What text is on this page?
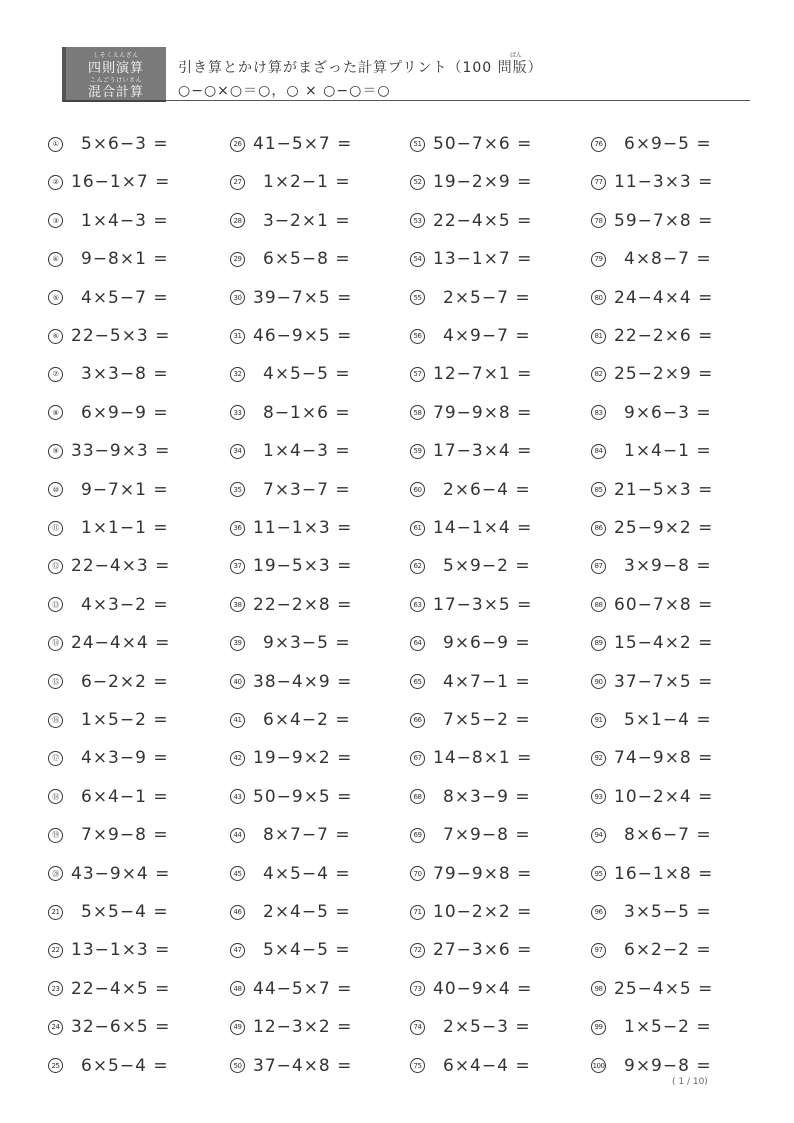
しそくえんざん
四則演算
こんごうけいさん
混合計算
ばん
引き算とかけ算がまざった計算プリント（100 問版）
○−○×○＝○，○ × ○−○＝○
①	5×6−3 =
② 16−1×7 =
③	1×4−3 =
④	9−8×1 =
⑤	4×5−7 =
⑥ 22−5×3 =
⑦	3×3−8 =
⑧	6×9−9 =
⑨ 33−9×3 =
⑩	9−7×1 =
⑪	1×1−1 =
⑫ 22−4×3 =
⑬	4×3−2 =
⑭ 24−4×4 =
⑮	6−2×2 =
⑯	1×5−2 =
⑰	4×3−9 =
⑱	6×4−1 =
⑲	7×9−8 =
⑳ 43−9×4 =
21	5×5−4 =
22 13−1×3 =
23 22−4×5 =
24 32−6×5 =
25	6×5−4 =
26 41−5×7 =
27	1×2−1 =
28	3−2×1 =
29	6×5−8 =
30 39−7×5 =
31 46−9×5 =
32	4×5−5 =
33	8−1×6 =
34	1×4−3 =
35	7×3−7 =
36 11−1×3 =
37 19−5×3 =
38 22−2×8 =
39	9×3−5 =
40 38−4×9 =
41	6×4−2 =
42 19−9×2 =
43 50−9×5 =
44	8×7−7 =
45	4×5−4 =
46	2×4−5 =
47	5×4−5 =
48 44−5×7 =
49 12−3×2 =
50 37−4×8 =
51 50−7×6 =
52 19−2×9 =
53 22−4×5 =
54 13−1×7 =
55	2×5−7 =
56	4×9−7 =
57 12−7×1 =
58 79−9×8 =
59 17−3×4 =
60	2×6−4 =
61 14−1×4 =
62	5×9−2 =
63 17−3×5 =
64	9×6−9 =
65	4×7−1 =
66	7×5−2 =
67 14−8×1 =
68	8×3−9 =
69	7×9−8 =
70 79−9×8 =
71 10−2×2 =
72 27−3×6 =
73 40−9×4 =
74	2×5−3 =
75	6×4−4 =
76	6×9−5 =
77 11−3×3 =
78 59−7×8 =
79	4×8−7 =
80 24−4×4 =
81 22−2×6 =
82 25−2×9 =
83	9×6−3 =
84	1×4−1 =
85 21−5×3 =
86 25−9×2 =
87	3×9−8 =
88 60−7×8 =
89 15−4×2 =
90 37−7×5 =
91	5×1−4 =
92 74−9×8 =
93 10−2×4 =
94	8×6−7 =
95 16−1×8 =
96	3×5−5 =
97	6×2−2 =
98 25−4×5 =
99	1×5−2 =
100	9×9−8 =
( 1 / 10)
